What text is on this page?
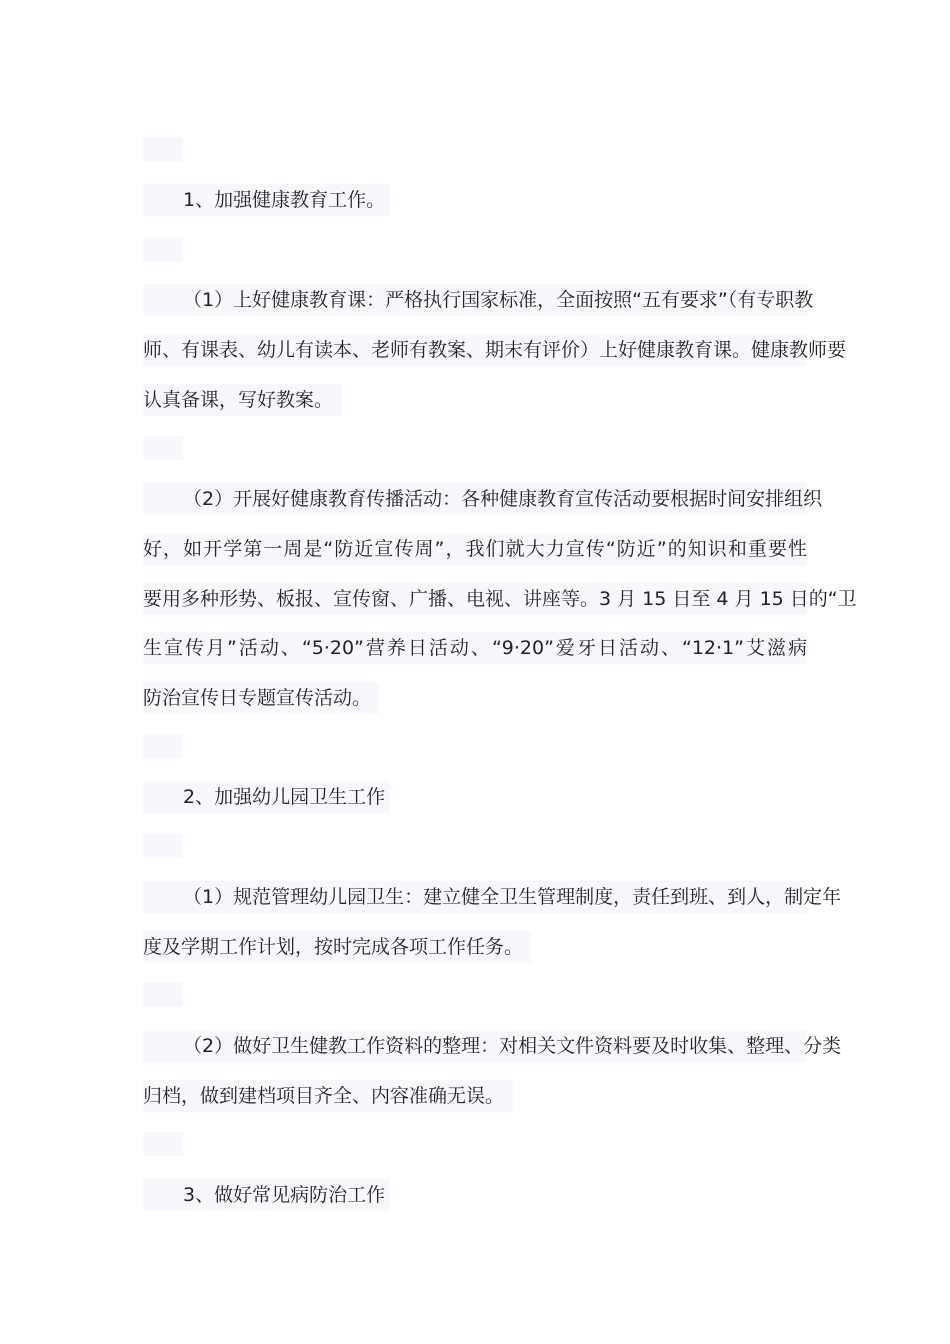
1、加强健康教育工作。
（1）上好健康教育课：严格执行国家标准，全面按照“五有要求”（有专职教
师、有课表、幼儿有读本、老师有教案、期末有评价）上好健康教育课。健康教师要
认真备课，写好教案。
（2）开展好健康教育传播活动：各种健康教育宣传活动要根据时间安排组织
好，如开学第一周是“防近宣传周”，我们就大力宣传“防近”的知识和重要性
要用多种形势、板报、宣传窗、广播、电视、讲座等。3 月 15 日至 4 月 15 日的“卫
生宣传月”活动、“5·20”营养日活动、“9·20”爱牙日活动、“12·1”艾滋病
防治宣传日专题宣传活动。
2、加强幼儿园卫生工作
（1）规范管理幼儿园卫生：建立健全卫生管理制度，责任到班、到人，制定年
度及学期工作计划，按时完成各项工作任务。
（2）做好卫生健教工作资料的整理：对相关文件资料要及时收集、整理、分类
归档，做到建档项目齐全、内容准确无误。
3、做好常见病防治工作
